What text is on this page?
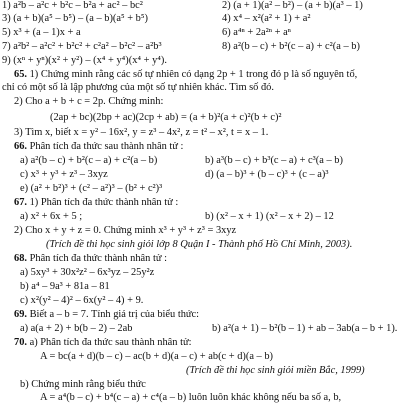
1) a²b – a²c + b²c – b²a + ac² – bc²	2) (a + 1)(a² – b²) – (a + b)(a³ – 1)
3) (a + b)(a⁵ – b⁵) – (a – b)(a⁵ + b⁵)	4) x⁴ – x²(a² + 1) + a²
5) x³ + (a – 1)x + a	6) a⁴ⁿ + 2a²ⁿ + aⁿ
7) a²b² – a²c² + b²c² + c²a² – b²c² – a²b³	8) a²(b – c) + b²(c – a) + c²(a – b)
9) (xⁿ + yⁿ)(x² + y²) – (x⁴ + y⁴)(x⁴ + y⁴).
65. 1) Chứng minh rằng các số tự nhiên có dạng 2p + 1 trong đó p là số nguyên tố,
chỉ có một số là lập phương của một số tự nhiên khác. Tìm số đó.
2) Cho a + b + c = 2p. Chứng minh:
(2ap + bc)(2bp + ac)(2cp + ab) = (a + b)²(a + c)²(b + c)²
3) Tìm x, biết x = y² – 16x², y = z³ – 4x², z = t² – x², t = x – 1.
66. Phân tích đa thức sau thành nhân tử :
a) a²(b – c) + b²(c – a) + c²(a – b)	b) a³(b – c) + b³(c – a) + c³(a – b)
c) x³ + y³ + z³ – 3xyz	d) (a – b)³ + (b – c)³ + (c – a)³
e) (a² + b²)³ + (c² – a²)³ – (b² + c²)³
67. 1) Phân tích đa thức thành nhân tử :
a) x² + 6x + 5 ;	b) (x² – x + 1) (x² – x + 2) – 12
2) Cho x + y + z = 0. Chứng minh x³ + y³ + z³ = 3xyz
(Trích đề thi học sinh giỏi lớp 8 Quận I - Thành phố Hồ Chí Minh, 2003).
68. Phân tích đa thức thành nhân tử :
a) 5xy³ + 30x²z² – 6x³yz – 25y²z
b) a⁴ – 9a³ + 81a – 81
c) x²(y² – 4)² – 6x(y² – 4) + 9.
69. Biết a – b = 7. Tính giá trị của biểu thức:
a) a(a + 2) + b(b – 2) – 2ab	b) a²(a + 1) – b²(b – 1) + ab – 3ab(a – b + 1).
70. a) Phân tích đa thức sau thành nhân tử:
A = bc(a + d)(b – c) – ac(b + d)(a – c) + ab(c + d)(a – b)
(Trích đề thi học sinh giỏi miền Bắc, 1999)
b) Chứng minh rằng biểu thức
A = a⁴(b – c) + b⁴(c – a) + c⁴(a – b) luôn luôn khác không nếu ba số a, b,
